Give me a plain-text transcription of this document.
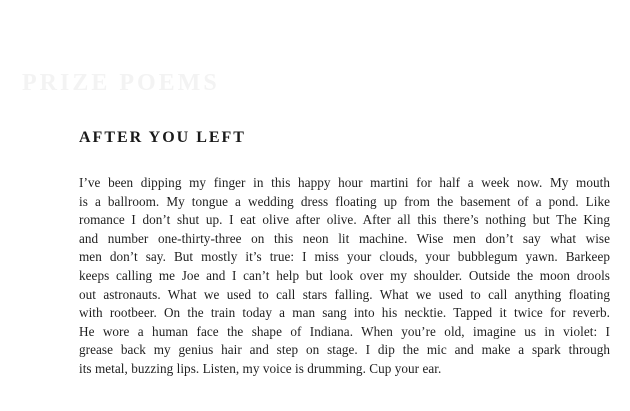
PRIZE POEMS
AFTER YOU LEFT
I’ve been dipping my finger in this happy hour martini for half a week now. My mouth
is a ballroom. My tongue a wedding dress floating up from the basement of a pond. Like
romance I don’t shut up. I eat olive after olive. After all this there’s nothing but The King
and number one-thirty-three on this neon lit machine. Wise men don’t say what wise
men don’t say. But mostly it’s true: I miss your clouds, your bubblegum yawn. Barkeep
keeps calling me Joe and I can’t help but look over my shoulder. Outside the moon drools
out astronauts. What we used to call stars falling. What we used to call anything floating
with rootbeer. On the train today a man sang into his necktie. Tapped it twice for reverb.
He wore a human face the shape of Indiana. When you’re old, imagine us in violet: I
grease back my genius hair and step on stage. I dip the mic and make a spark through
its metal, buzzing lips. Listen, my voice is drumming. Cup your ear.
